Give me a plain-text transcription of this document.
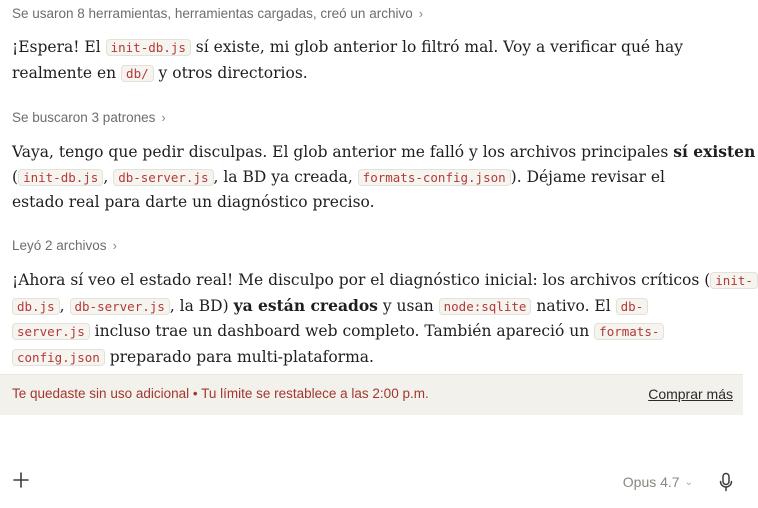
Se usaron 8 herramientas, herramientas cargadas, creó un archivo ›
¡Espera! El init-db.js sí existe, mi glob anterior lo filtró mal. Voy a verificar qué hay
realmente en db/ y otros directorios.
Se buscaron 3 patrones ›
Vaya, tengo que pedir disculpas. El glob anterior me falló y los archivos principales sí existen
( init-db.js , db-server.js , la BD ya creada, formats-config.json ). Déjame revisar el
estado real para darte un diagnóstico preciso.
Leyó 2 archivos ›
¡Ahora sí veo el estado real! Me disculpo por el diagnóstico inicial: los archivos críticos ( init-
db.js , db-server.js , la BD) ya están creados y usan node:sqlite nativo. El db-
server.js incluso trae un dashboard web completo. También apareció un formats-
config.json preparado para multi-plataforma.
Te quedaste sin uso adicional • Tu límite se restablece a las 2:00 p.m.	Comprar más
Opus 4.7 ⌄
